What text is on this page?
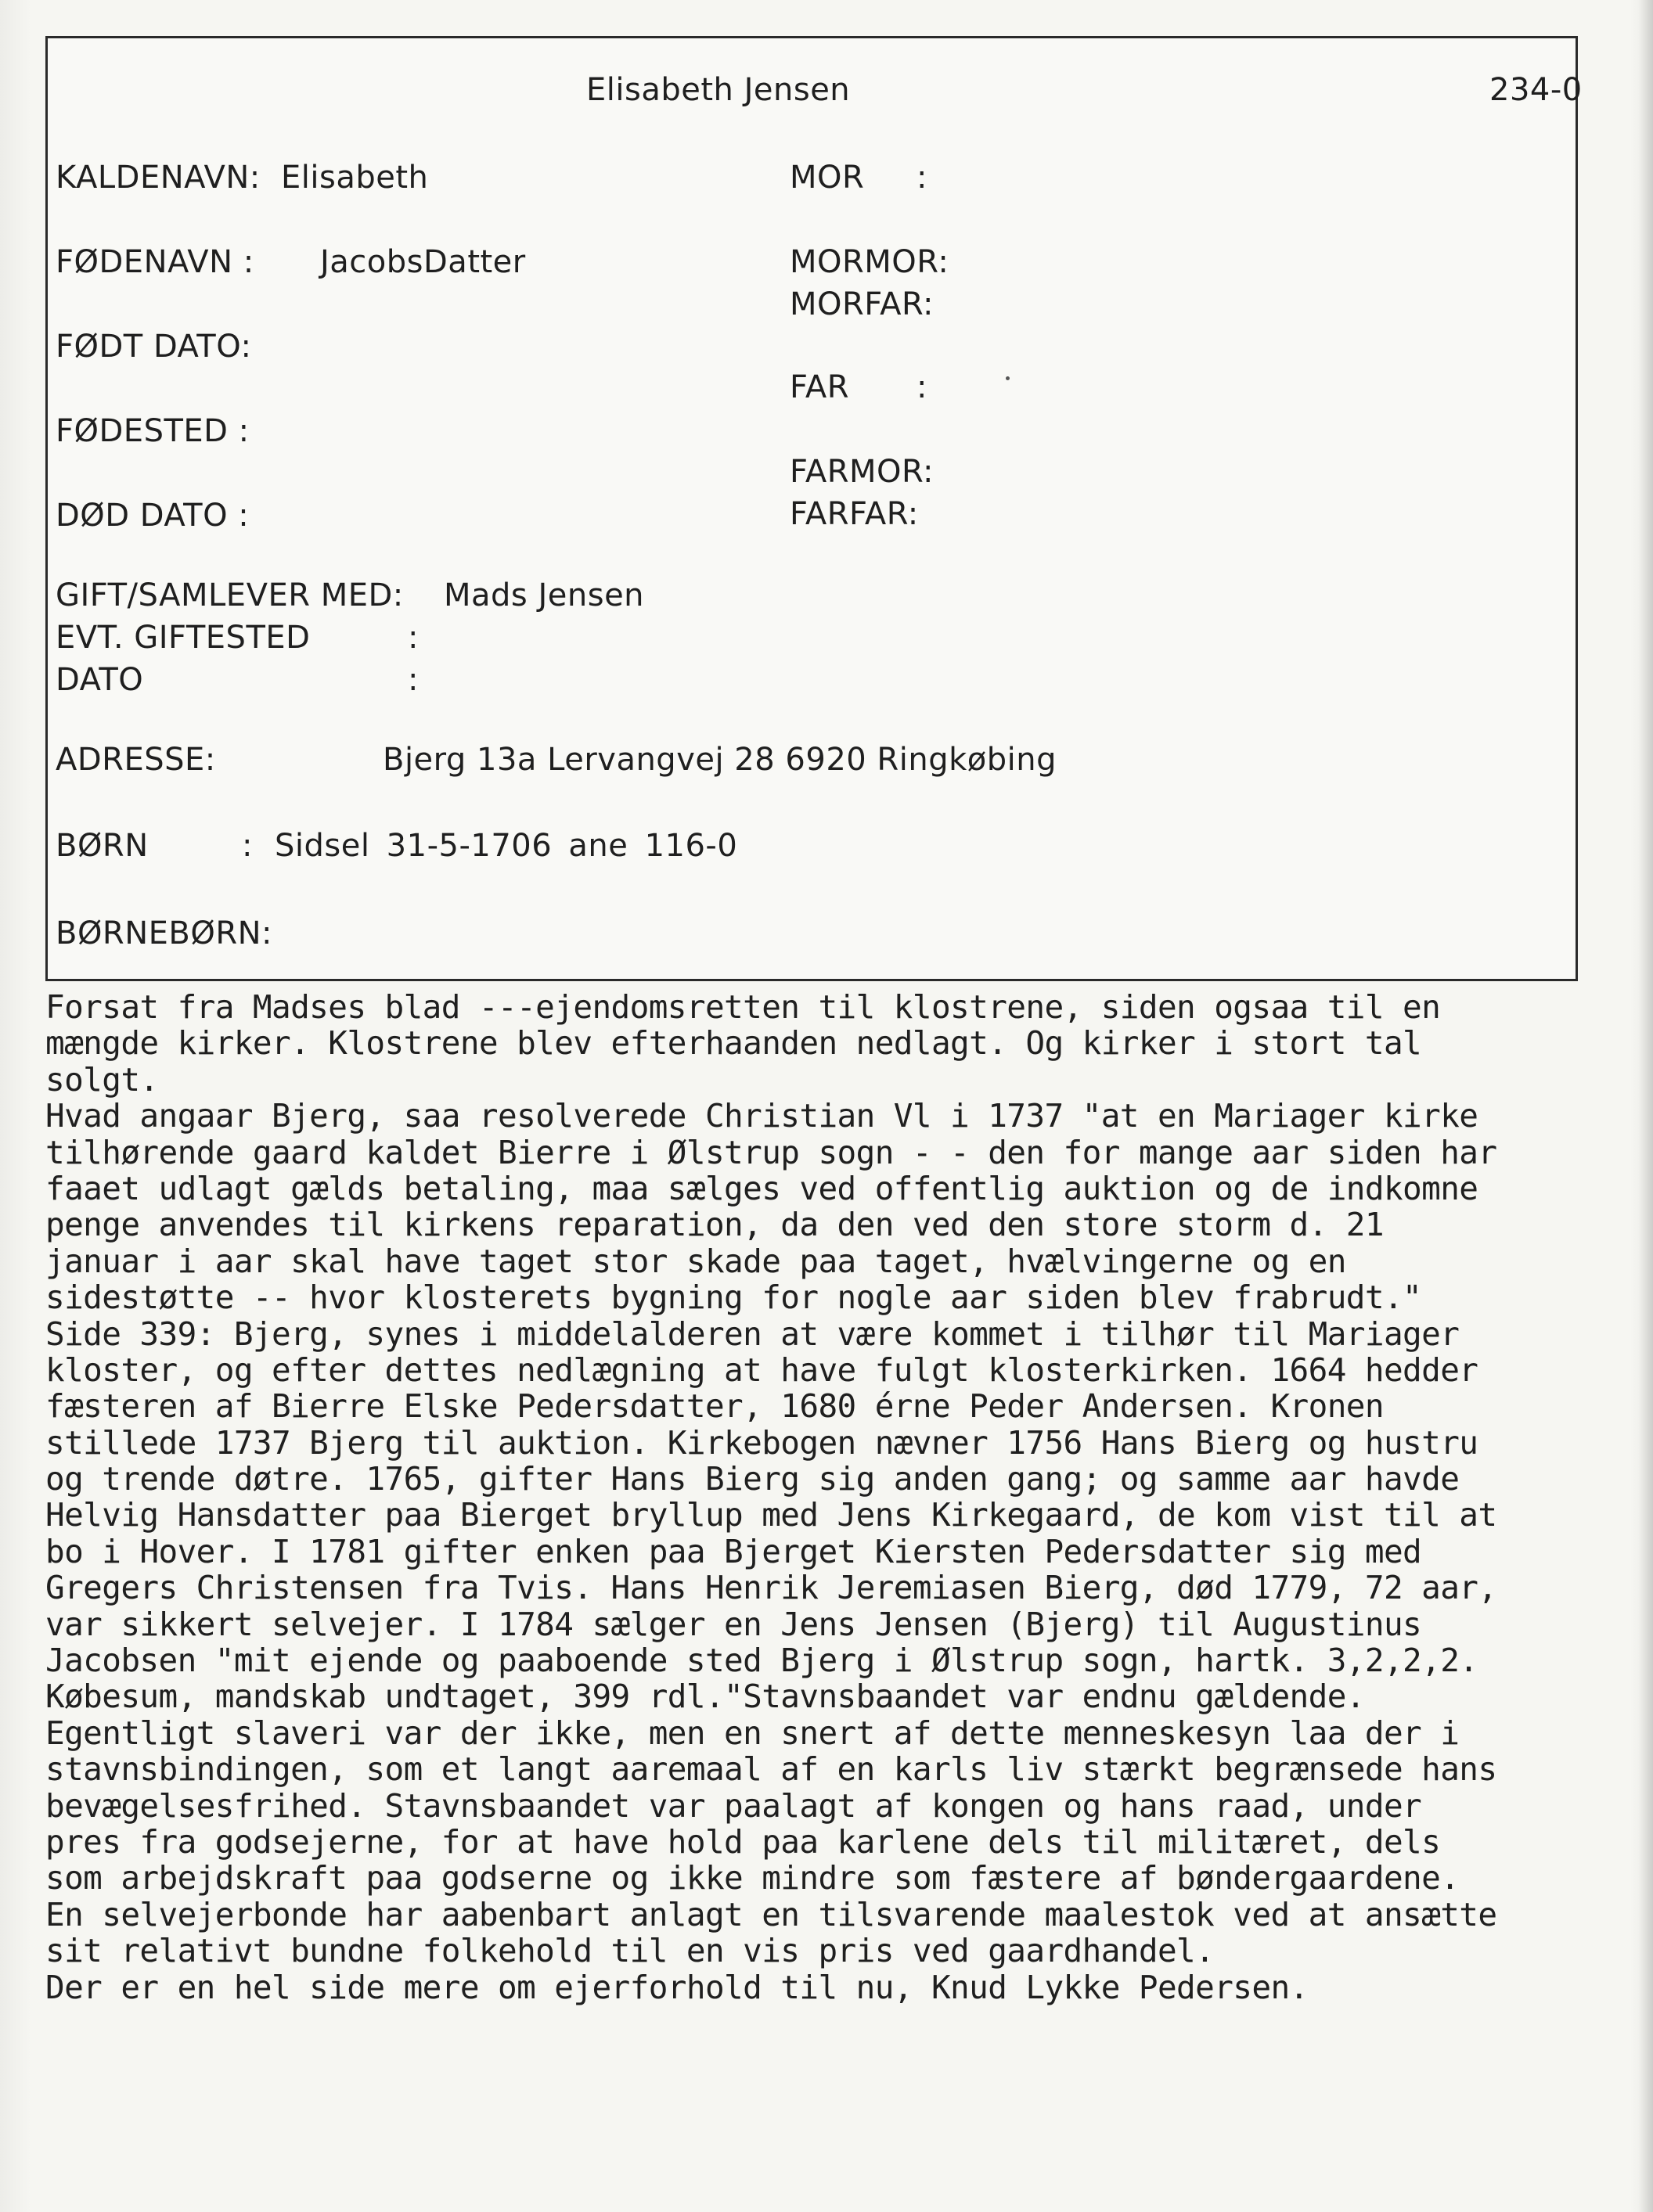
Elisabeth Jensen	234-0
KALDENAVN: Elisabeth
FØDENAVN : JacobsDatter
FØDT DATO:
FØDESTED :
DØD DATO :
MOR :
MORMOR:
MORFAR:
FAR :
FARMOR:
FARFAR:
GIFT/SAMLEVER MED: Mads Jensen
EVT. GIFTESTED	:
DATO	:
ADRESSE:	Bjerg 13a Lervangvej 28 6920 Ringkøbing
BØRN	: Sidsel 31-5-1706 ane 116-0
BØRNEBØRN:
Forsat fra Madses blad ---ejendomsretten til klostrene, siden ogsaa til en
mængde kirker. Klostrene blev efterhaanden nedlagt. Og kirker i stort tal
solgt.
Hvad angaar Bjerg, saa resolverede Christian Vl i 1737 "at en Mariager kirke
tilhørende gaard kaldet Bierre i Ølstrup sogn - - den for mange aar siden har
faaet udlagt gælds betaling, maa sælges ved offentlig auktion og de indkomne
penge anvendes til kirkens reparation, da den ved den store storm d. 21
januar i aar skal have taget stor skade paa taget, hvælvingerne og en
sidestøtte -- hvor klosterets bygning for nogle aar siden blev frabrudt."
Side 339: Bjerg, synes i middelalderen at være kommet i tilhør til Mariager
kloster, og efter dettes nedlægning at have fulgt klosterkirken. 1664 hedder
fæsteren af Bierre Elske Pedersdatter, 1680 érne Peder Andersen. Kronen
stillede 1737 Bjerg til auktion. Kirkebogen nævner 1756 Hans Bierg og hustru
og trende døtre. 1765, gifter Hans Bierg sig anden gang; og samme aar havde
Helvig Hansdatter paa Bierget bryllup med Jens Kirkegaard, de kom vist til at
bo i Hover. I 1781 gifter enken paa Bjerget Kiersten Pedersdatter sig med
Gregers Christensen fra Tvis. Hans Henrik Jeremiasen Bierg, død 1779, 72 aar,
var sikkert selvejer. I 1784 sælger en Jens Jensen (Bjerg) til Augustinus
Jacobsen "mit ejende og paaboende sted Bjerg i Ølstrup sogn, hartk. 3,2,2,2.
Købesum, mandskab undtaget, 399 rdl."Stavnsbaandet var endnu gældende.
Egentligt slaveri var der ikke, men en snert af dette menneskesyn laa der i
stavnsbindingen, som et langt aaremaal af en karls liv stærkt begrænsede hans
bevægelsesfrihed. Stavnsbaandet var paalagt af kongen og hans raad, under
pres fra godsejerne, for at have hold paa karlene dels til militæret, dels
som arbejdskraft paa godserne og ikke mindre som fæstere af bøndergaardene.
En selvejerbonde har aabenbart anlagt en tilsvarende maalestok ved at ansætte
sit relativt bundne folkehold til en vis pris ved gaardhandel.
Der er en hel side mere om ejerforhold til nu, Knud Lykke Pedersen.
